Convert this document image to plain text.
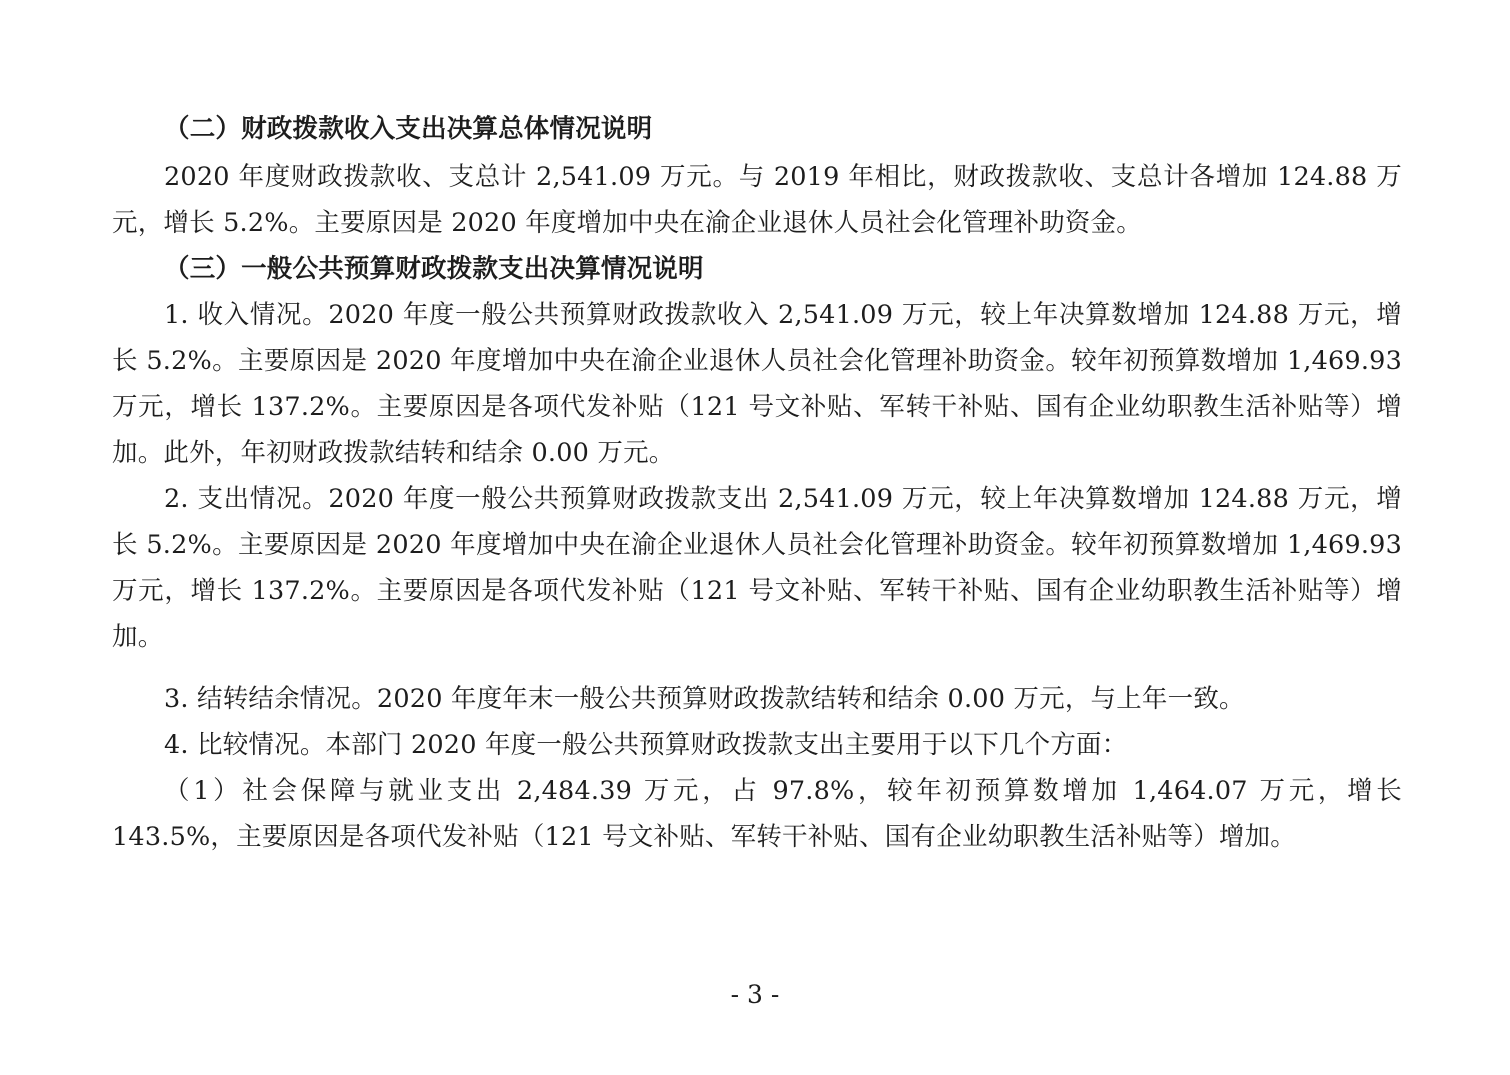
（二）财政拨款收入支出决算总体情况说明

2020 年度财政拨款收、支总计 2,541.09 万元。与 2019 年相比，财政拨款收、支总计各增加 124.88 万元，增长 5.2%。主要原因是 2020 年度增加中央在渝企业退休人员社会化管理补助资金。

（三）一般公共预算财政拨款支出决算情况说明

1. 收入情况。2020 年度一般公共预算财政拨款收入 2,541.09 万元，较上年决算数增加 124.88 万元，增长 5.2%。主要原因是 2020 年度增加中央在渝企业退休人员社会化管理补助资金。较年初预算数增加 1,469.93 万元，增长 137.2%。主要原因是各项代发补贴（121 号文补贴、军转干补贴、国有企业幼职教生活补贴等）增加。此外，年初财政拨款结转和结余 0.00 万元。

2. 支出情况。2020 年度一般公共预算财政拨款支出 2,541.09 万元，较上年决算数增加 124.88 万元，增长 5.2%。主要原因是 2020 年度增加中央在渝企业退休人员社会化管理补助资金。较年初预算数增加 1,469.93 万元，增长 137.2%。主要原因是各项代发补贴（121 号文补贴、军转干补贴、国有企业幼职教生活补贴等）增加。

3. 结转结余情况。2020 年度年末一般公共预算财政拨款结转和结余 0.00 万元，与上年一致。

4. 比较情况。本部门 2020 年度一般公共预算财政拨款支出主要用于以下几个方面：

（1）社会保障与就业支出 2,484.39 万元，占 97.8%，较年初预算数增加 1,464.07 万元，增长 143.5%，主要原因是各项代发补贴（121 号文补贴、军转干补贴、国有企业幼职教生活补贴等）增加。

- 3 -
